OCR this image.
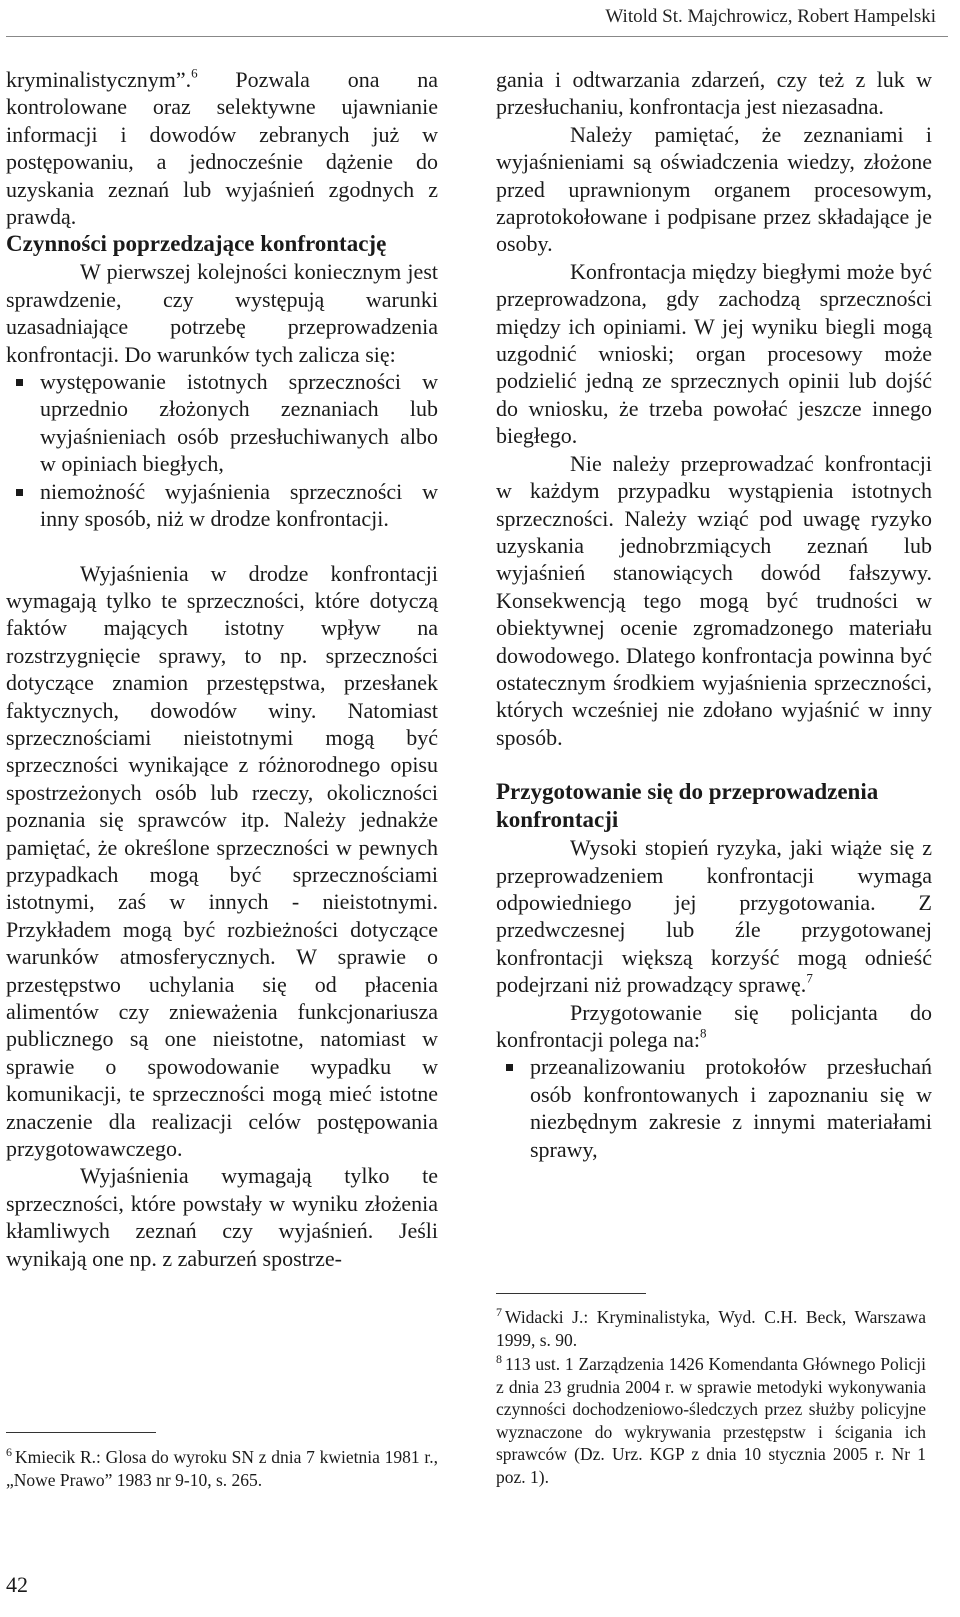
Witold St. Majchrowicz, Robert Hampelski

kryminalistycznym”.$^6$ Pozwala ona na kontrolowane oraz selektywne ujawnianie informacji i dowodów zebranych już w postępowaniu, a jednocześnie dążenie do uzyskania zeznań lub wyjaśnień zgodnych z prawdą.

Czynności poprzedzające konfrontację

W pierwszej kolejności koniecznym jest sprawdzenie, czy występują warunki uzasadniające potrzebę przeprowadzenia konfrontacji. Do warunków tych zalicza się:

występowanie istotnych sprzeczności w uprzednio złożonych zeznaniach lub wyjaśnieniach osób przesłuchiwanych albo w opiniach biegłych,
niemożność wyjaśnienia sprzeczności w inny sposób, niż w drodze konfrontacji.

Wyjaśnienia w drodze konfrontacji wymagają tylko te sprzeczności, które dotyczą faktów mających istotny wpływ na rozstrzygnięcie sprawy, to np. sprzeczności dotyczące znamion przestępstwa, przesłanek faktycznych, dowodów winy. Natomiast sprzecznościami nieistotnymi mogą być sprzeczności wynikające z różnorodnego opisu spostrzeżonych osób lub rzeczy, okoliczności poznania się sprawców itp. Należy jednakże pamiętać, że określone sprzeczności w pewnych przypadkach mogą być sprzecznościami istotnymi, zaś w innych - nieistotnymi. Przykładem mogą być rozbieżności dotyczące warunków atmosferycznych. W sprawie o przestępstwo uchylania się od płacenia alimentów czy znieważenia funkcjonariusza publicznego są one nieistotne, natomiast w sprawie o spowodowanie wypadku w komunikacji, te sprzeczności mogą mieć istotne znaczenie dla realizacji celów postępowania przygotowawczego.

Wyjaśnienia wymagają tylko te sprzeczności, które powstały w wyniku złożenia kłamliwych zeznań czy wyjaśnień. Jeśli wynikają one np. z zaburzeń spostrze-

gania i odtwarzania zdarzeń, czy też z luk w przesłuchaniu, konfrontacja jest niezasadna.

Należy pamiętać, że zeznaniami i wyjaśnieniami są oświadczenia wiedzy, złożone przed uprawnionym organem procesowym, zaprotokołowane i podpisane przez składające je osoby.

Konfrontacja między biegłymi może być przeprowadzona, gdy zachodzą sprzeczności między ich opiniami. W jej wyniku biegli mogą uzgodnić wnioski; organ procesowy może podzielić jedną ze sprzecznych opinii lub dojść do wniosku, że trzeba powołać jeszcze innego biegłego.

Nie należy przeprowadzać konfrontacji w każdym przypadku wystąpienia istotnych sprzeczności. Należy wziąć pod uwagę ryzyko uzyskania jednobrzmiących zeznań lub wyjaśnień stanowiących dowód fałszywy. Konsekwencją tego mogą być trudności w obiektywnej ocenie zgromadzonego materiału dowodowego. Dlatego konfrontacja powinna być ostatecznym środkiem wyjaśnienia sprzeczności, których wcześniej nie zdołano wyjaśnić w inny sposób.

Przygotowanie się do przeprowadzenia konfrontacji

Wysoki stopień ryzyka, jaki wiąże się z przeprowadzeniem konfrontacji wymaga odpowiedniego jej przygotowania. Z przedwczesnej lub źle przygotowanej konfrontacji większą korzyść mogą odnieść podejrzani niż prowadzący sprawę.$^7$

Przygotowanie się policjanta do konfrontacji polega na:$^8$

przeanalizowaniu protokołów przesłuchań osób konfrontowanych i zapoznaniu się w niezbędnym zakresie z innymi materiałami sprawy,

$^6$ Kmiecik R.: Glosa do wyroku SN z dnia 7 kwietnia 1981 r., „Nowe Prawo” 1983 nr 9-10, s. 265.

$^7$ Widacki J.: Kryminalistyka, Wyd. C.H. Beck, Warszawa 1999, s. 90.

$^8$ 113 ust. 1 Zarządzenia 1426 Komendanta Głównego Policji z dnia 23 grudnia 2004 r. w sprawie metodyki wykonywania czynności dochodzeniowo-śledczych przez służby policyjne wyznaczone do wykrywania przestępstw i ścigania ich sprawców (Dz. Urz. KGP z dnia 10 stycznia 2005 r. Nr 1 poz. 1).

42
